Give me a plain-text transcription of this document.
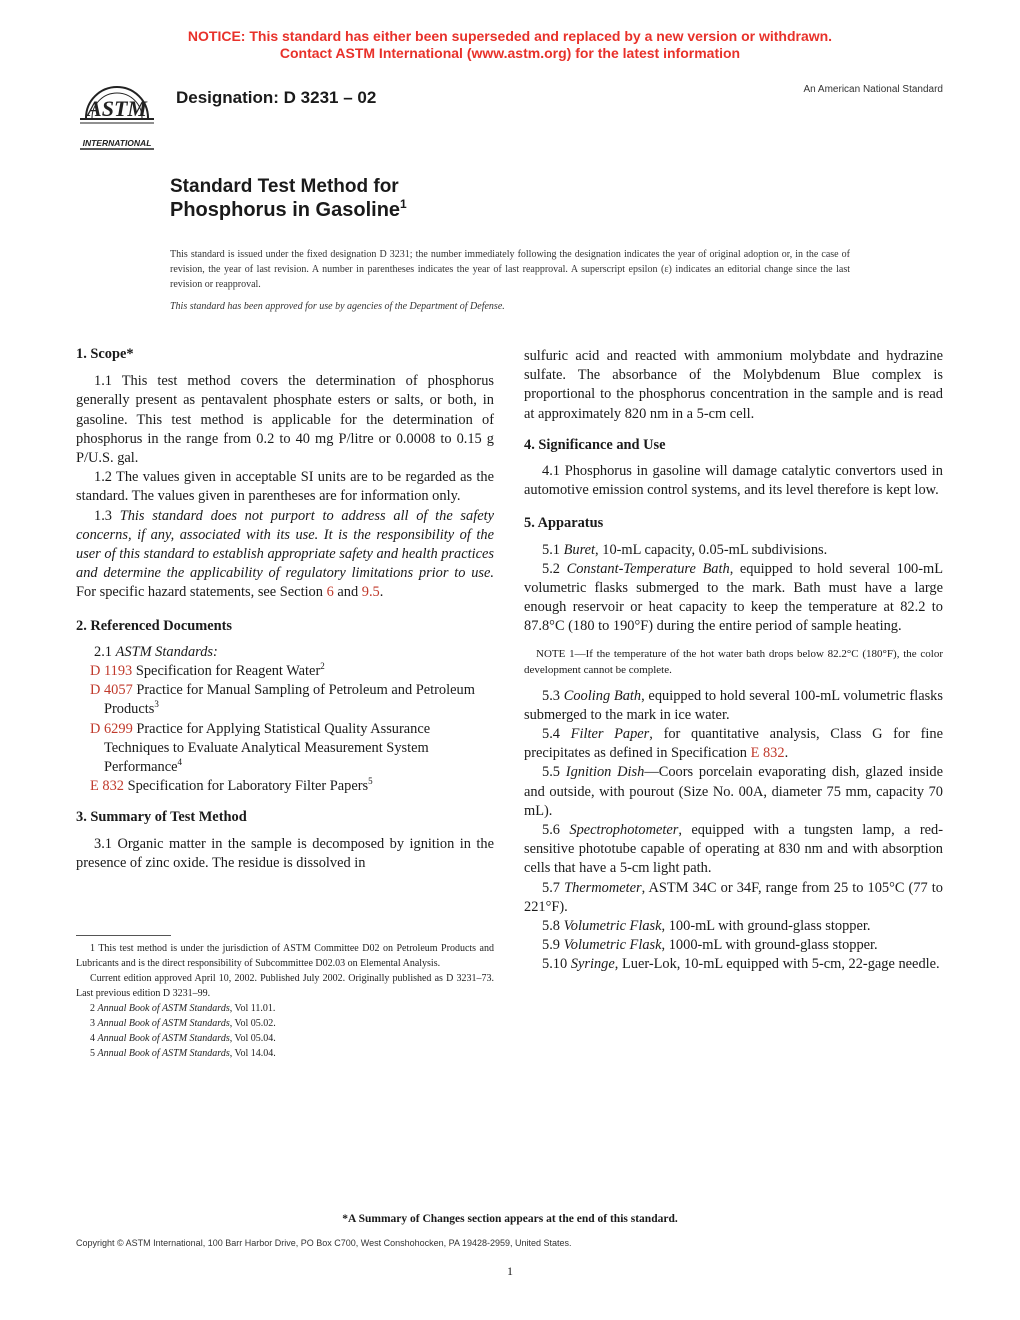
NOTICE: This standard has either been superseded and replaced by a new version or withdrawn.
Contact ASTM International (www.astm.org) for the latest information
ASTM
INTERNATIONAL
Designation: D 3231 – 02	An American National Standard
Standard Test Method for
Phosphorus in Gasoline$^1$
This standard is issued under the fixed designation D 3231; the number immediately following the designation indicates the year of original adoption or, in the case of revision, the year of last revision. A number in parentheses indicates the year of last reapproval. A superscript epsilon (ε) indicates an editorial change since the last revision or reapproval.
This standard has been approved for use by agencies of the Department of Defense.

1. Scope*

1.1 This test method covers the determination of phosphorus generally present as pentavalent phosphate esters or salts, or both, in gasoline. This test method is applicable for the determination of phosphorus in the range from 0.2 to 40 mg P/litre or 0.0008 to 0.15 g P/U.S. gal.

1.2 The values given in acceptable SI units are to be regarded as the standard. The values given in parentheses are for information only.

1.3 This standard does not purport to address all of the safety concerns, if any, associated with its use. It is the responsibility of the user of this standard to establish appropriate safety and health practices and determine the applicability of regulatory limitations prior to use. For specific hazard statements, see Section 6 and 9.5.

2. Referenced Documents

2.1 ASTM Standards:

D 1193 Specification for Reagent Water$^2$
D 4057 Practice for Manual Sampling of Petroleum and Petroleum Products$^3$
D 6299 Practice for Applying Statistical Quality Assurance Techniques to Evaluate Analytical Measurement System Performance$^4$
E 832 Specification for Laboratory Filter Papers$^5$

3. Summary of Test Method

3.1 Organic matter in the sample is decomposed by ignition in the presence of zinc oxide. The residue is dissolved in

1 This test method is under the jurisdiction of ASTM Committee D02 on Petroleum Products and Lubricants and is the direct responsibility of Subcommittee D02.03 on Elemental Analysis.

Current edition approved April 10, 2002. Published July 2002. Originally published as D 3231–73. Last previous edition D 3231–99.

2 Annual Book of ASTM Standards, Vol 11.01.

3 Annual Book of ASTM Standards, Vol 05.02.

4 Annual Book of ASTM Standards, Vol 05.04.

5 Annual Book of ASTM Standards, Vol 14.04.

sulfuric acid and reacted with ammonium molybdate and hydrazine sulfate. The absorbance of the Molybdenum Blue complex is proportional to the phosphorus concentration in the sample and is read at approximately 820 nm in a 5-cm cell.

4. Significance and Use

4.1 Phosphorus in gasoline will damage catalytic convertors used in automotive emission control systems, and its level therefore is kept low.

5. Apparatus

5.1 Buret, 10-mL capacity, 0.05-mL subdivisions.

5.2 Constant-Temperature Bath, equipped to hold several 100-mL volumetric flasks submerged to the mark. Bath must have a large enough reservoir or heat capacity to keep the temperature at 82.2 to 87.8°C (180 to 190°F) during the entire period of sample heating.

NOTE 1—If the temperature of the hot water bath drops below 82.2°C (180°F), the color development cannot be complete.

5.3 Cooling Bath, equipped to hold several 100-mL volumetric flasks submerged to the mark in ice water.

5.4 Filter Paper, for quantitative analysis, Class G for fine precipitates as defined in Specification E 832.

5.5 Ignition Dish—Coors porcelain evaporating dish, glazed inside and outside, with pourout (Size No. 00A, diameter 75 mm, capacity 70 mL).

5.6 Spectrophotometer, equipped with a tungsten lamp, a red-sensitive phototube capable of operating at 830 nm and with absorption cells that have a 5-cm light path.

5.7 Thermometer, ASTM 34C or 34F, range from 25 to 105°C (77 to 221°F).

5.8 Volumetric Flask, 100-mL with ground-glass stopper.

5.9 Volumetric Flask, 1000-mL with ground-glass stopper.

5.10 Syringe, Luer-Lok, 10-mL equipped with 5-cm, 22-gage needle.

*A Summary of Changes section appears at the end of this standard.
Copyright © ASTM International, 100 Barr Harbor Drive, PO Box C700, West Conshohocken, PA 19428-2959, United States.
1
